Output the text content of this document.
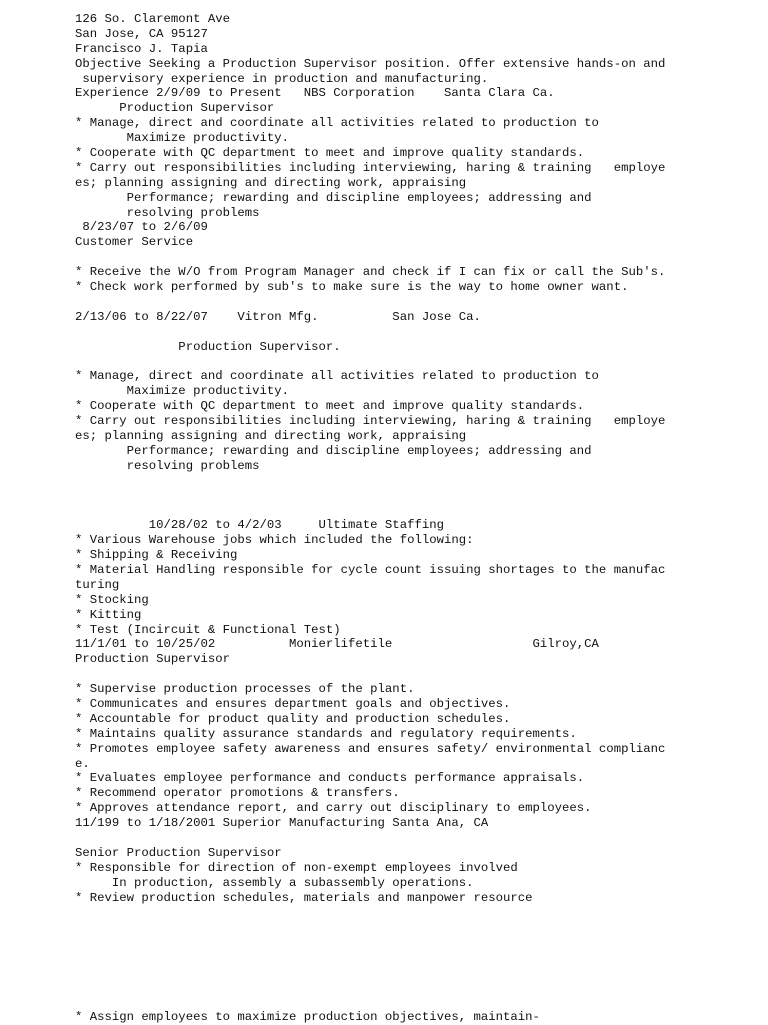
126 So. Claremont Ave
San Jose, CA 95127
Francisco J. Tapia
Objective Seeking a Production Supervisor position. Offer extensive hands-on and
supervisory experience in production and manufacturing.
Experience 2/9/09 to Present   NBS Corporation    Santa Clara Ca.
Production Supervisor
* Manage, direct and coordinate all activities related to production to
Maximize productivity.
* Cooperate with QC department to meet and improve quality standards.
* Carry out responsibilities including interviewing, haring & training   employe
es; planning assigning and directing work, appraising
Performance; rewarding and discipline employees; addressing and
resolving problems
8/23/07 to 2/6/09
Customer Service
* Receive the W/O from Program Manager and check if I can fix or call the Sub's.
* Check work performed by sub's to make sure is the way to home owner want.
2/13/06 to 8/22/07    Vitron Mfg.          San Jose Ca.
Production Supervisor.
* Manage, direct and coordinate all activities related to production to
Maximize productivity.
* Cooperate with QC department to meet and improve quality standards.
* Carry out responsibilities including interviewing, haring & training   employe
es; planning assigning and directing work, appraising
Performance; rewarding and discipline employees; addressing and
resolving problems
10/28/02 to 4/2/03     Ultimate Staffing
* Various Warehouse jobs which included the following:
* Shipping & Receiving
* Material Handling responsible for cycle count issuing shortages to the manufac
turing
* Stocking
* Kitting
* Test (Incircuit & Functional Test)
11/1/01 to 10/25/02          Monierlifetile                   Gilroy,CA
Production Supervisor
* Supervise production processes of the plant.
* Communicates and ensures department goals and objectives.
* Accountable for product quality and production schedules.
* Maintains quality assurance standards and regulatory requirements.
* Promotes employee safety awareness and ensures safety/ environmental complianc
e.
* Evaluates employee performance and conducts performance appraisals.
* Recommend operator promotions & transfers.
* Approves attendance report, and carry out disciplinary to employees.
11/199 to 1/18/2001 Superior Manufacturing Santa Ana, CA
Senior Production Supervisor
* Responsible for direction of non-exempt employees involved
In production, assembly a subassembly operations.
* Review production schedules, materials and manpower resource
* Assign employees to maximize production objectives, maintain-
